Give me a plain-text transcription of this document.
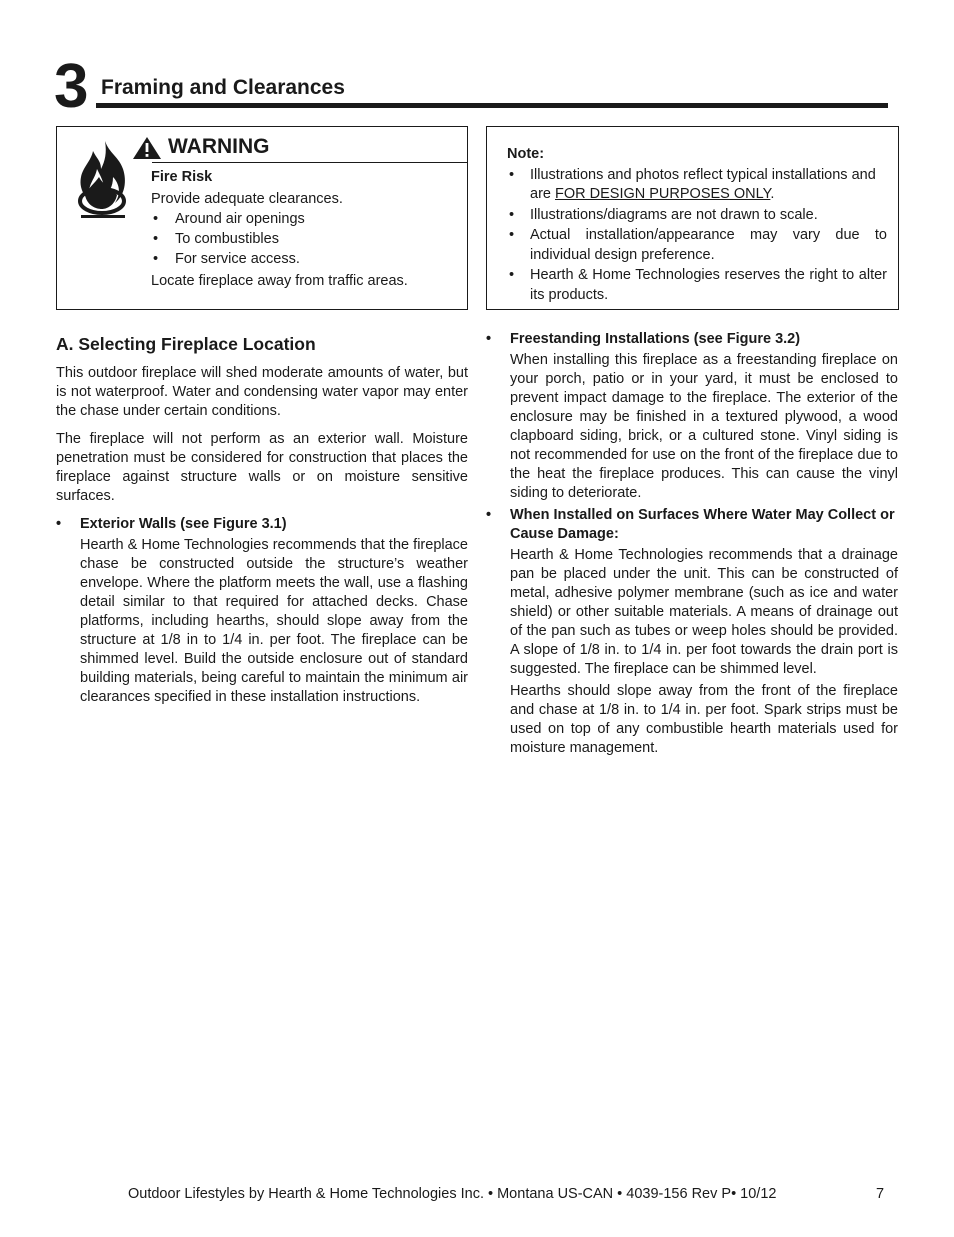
3 Framing and Clearances
WARNING
Fire Risk
Provide adequate clearances.
• Around air openings
• To combustibles
• For service access.
Locate fireplace away from traffic areas.
Note:
• Illustrations and photos reflect typical installations and are FOR DESIGN PURPOSES ONLY.
• Illustrations/diagrams are not drawn to scale.
• Actual installation/appearance may vary due to individual design preference.
• Hearth & Home Technologies reserves the right to alter its products.
A. Selecting Fireplace Location

This outdoor fireplace will shed moderate amounts of water, but is not waterproof. Water and condensing water vapor may enter the chase under certain conditions.

The fireplace will not perform as an exterior wall. Moisture penetration must be considered for construction that places the fireplace against structure walls or on moisture sensitive surfaces.

• Exterior Walls (see Figure 3.1)

Hearth & Home Technologies recommends that the fireplace chase be constructed outside the structure’s weather envelope. Where the platform meets the wall, use a flashing detail similar to that required for attached decks. Chase platforms, including hearths, should slope away from the structure at 1/8 in to 1/4 in. per foot. The fireplace can be shimmed level. Build the outside enclosure out of standard building materials, being careful to maintain the minimum air clearances specified in these installation instructions.

• Freestanding Installations (see Figure 3.2)

When installing this fireplace as a freestanding fireplace on your porch, patio or in your yard, it must be enclosed to prevent impact damage to the fireplace. The exterior of the enclosure may be finished in a textured plywood, a wood clapboard siding, brick, or a cultured stone. Vinyl siding is not recommended for use on the front of the fireplace due to the heat the fireplace produces. This can cause the vinyl siding to deteriorate.

• When Installed on Surfaces Where Water May Collect or Cause Damage:

Hearth & Home Technologies recommends that a drainage pan be placed under the unit. This can be constructed of metal, adhesive polymer membrane (such as ice and water shield) or other suitable materials. A means of drainage out of the pan such as tubes or weep holes should be provided. A slope of 1/8 in. to 1/4 in. per foot towards the drain port is suggested. The fireplace can be shimmed level.

Hearths should slope away from the front of the fireplace and chase at 1/8 in. to 1/4 in. per foot. Spark strips must be used on top of any combustible hearth materials used for moisture management.

Outdoor Lifestyles by Hearth & Home Technologies Inc. • Montana US-CAN • 4039-156 Rev P• 10/12	7
